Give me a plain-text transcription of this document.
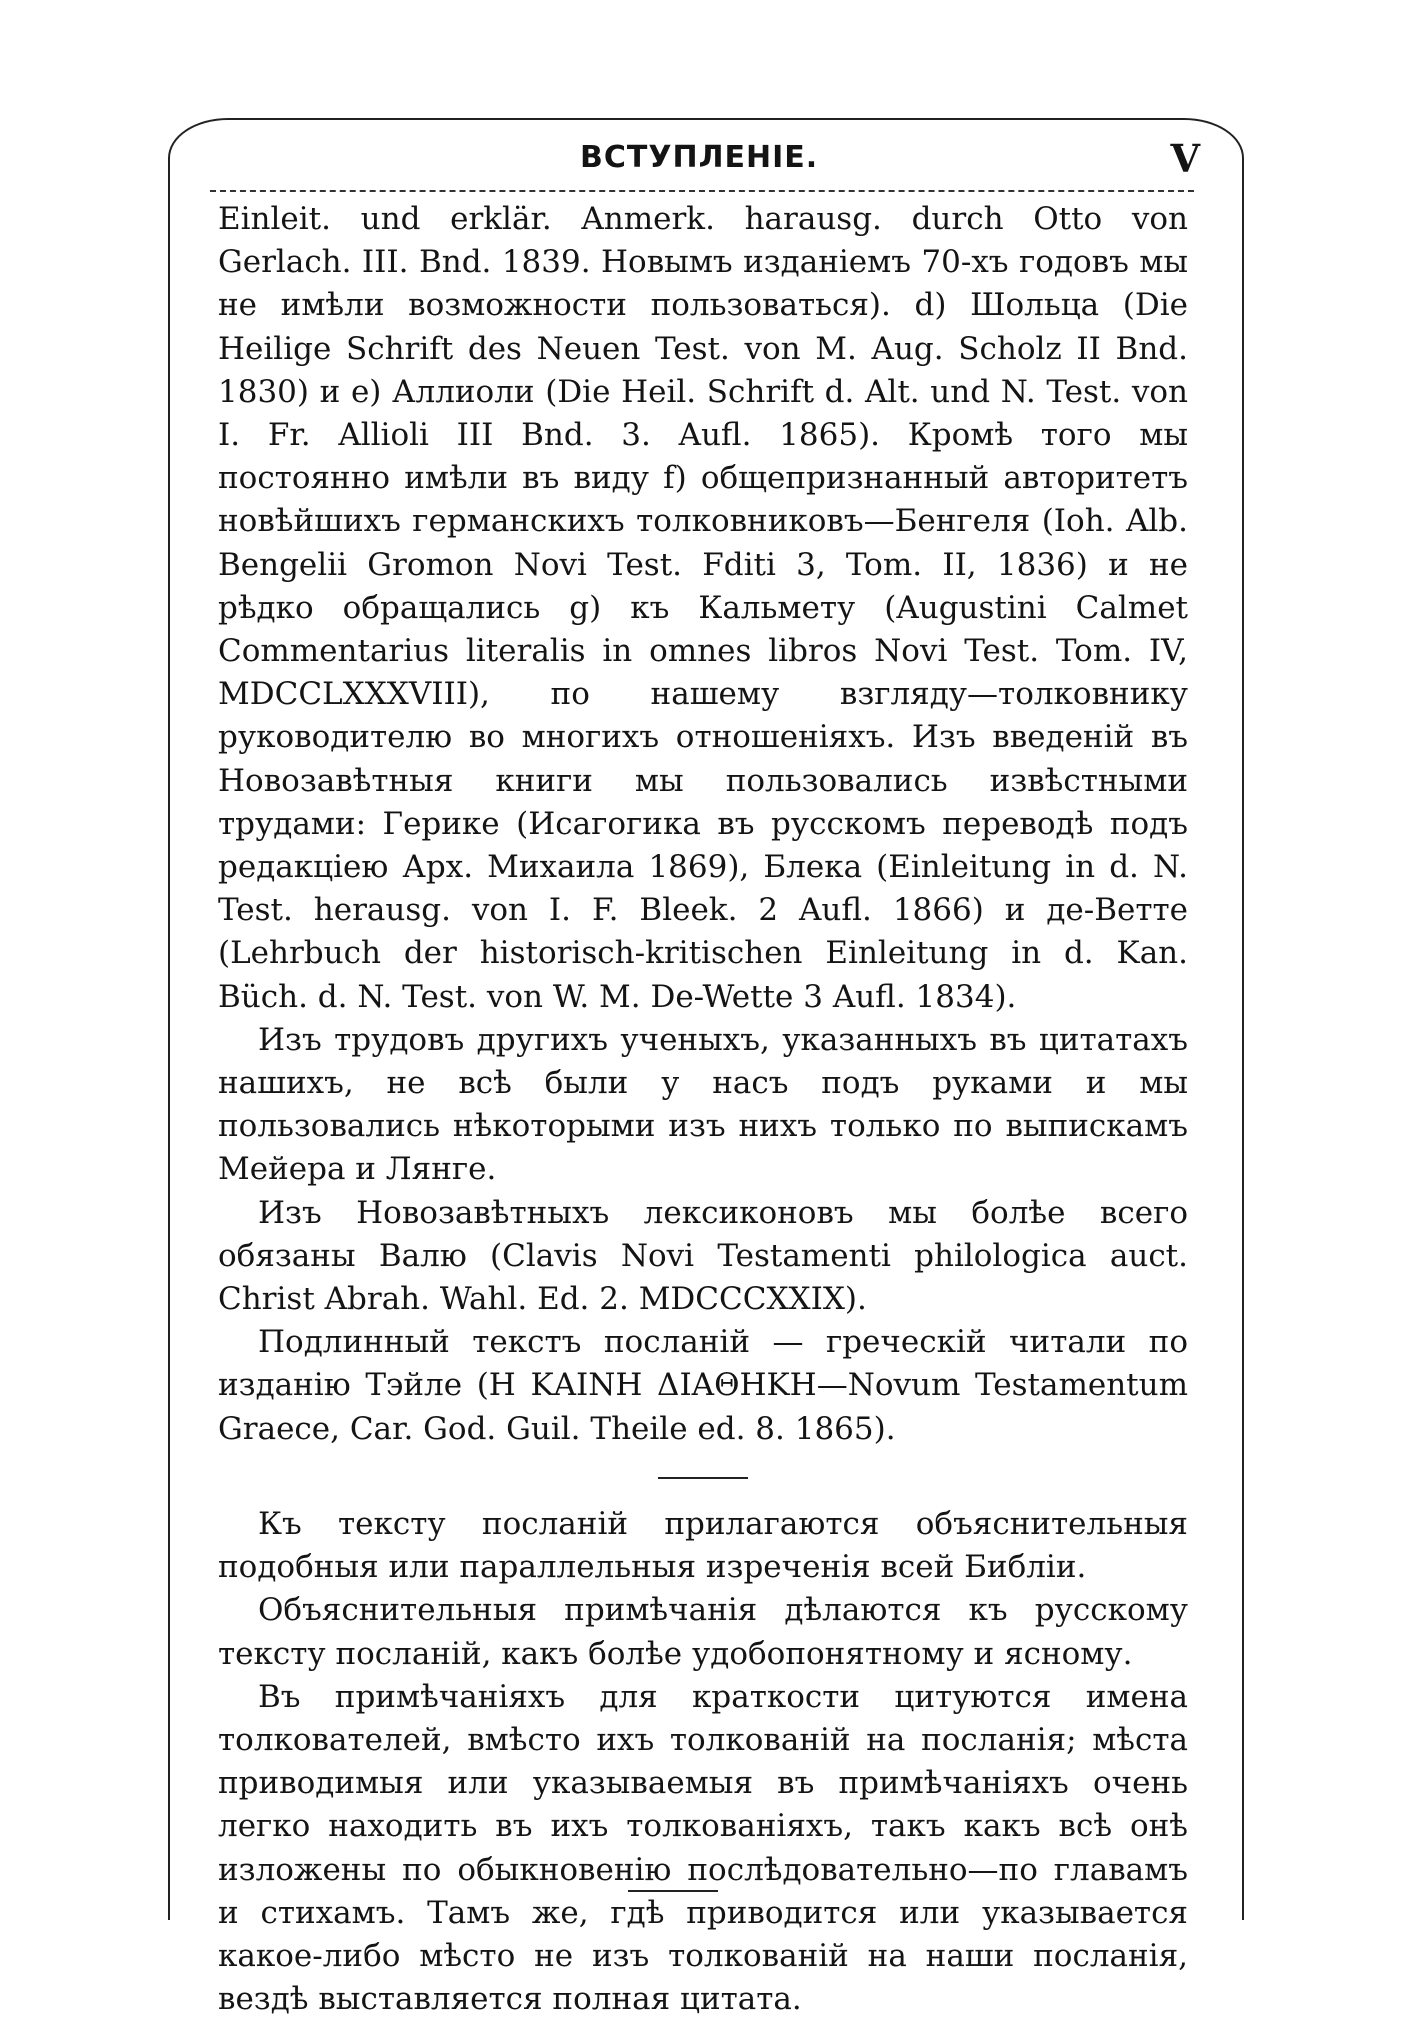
ВСТУПЛЕНІЕ.	V

Einleit. und erklär. Anmerk. harausg. durch Otto von Gerlach. III. Bnd. 1839. Новымъ изданіемъ 70-хъ годовъ мы не имѣли возможности пользоваться). d) Шольца (Die Heilige Schrift des Neuen Test. von M. Aug. Scholz II Bnd. 1830) и e) Аллиоли (Die Heil. Schrift d. Alt. und N. Test. von I. Fr. Allioli III Bnd. 3. Aufl. 1865). Кромѣ того мы постоянно имѣли въ виду f) общепризнанный авторитетъ новѣйшихъ германскихъ толковниковъ—Бенгеля (Ioh. Alb. Bengelii Gromon Novi Test. Fditi 3, Tom. II, 1836) и не рѣдко обращались g) къ Кальмету (Augustini Calmet Commentarius literalis in omnes libros Novi Test. Tom. IV, MDCCLXXXVIII), по нашему взгляду—толковнику руководителю во многихъ отношеніяхъ. Изъ введеній въ Новозавѣтныя книги мы пользовались извѣстными трудами: Герике (Исагогика въ русскомъ переводѣ подъ редакціею Арх. Михаила 1869), Блека (Einleitung in d. N. Test. herausg. von I. F. Bleek. 2 Aufl. 1866) и де-Ветте (Lehrbuch der historisch-kritischen Einleitung in d. Kan. Büch. d. N. Test. von W. M. De-Wette 3 Aufl. 1834).

Изъ трудовъ другихъ ученыхъ, указанныхъ въ цитатахъ нашихъ, не всѣ были у насъ подъ руками и мы пользовались нѣкоторыми изъ нихъ только по выпискамъ Мейера и Лянге.

Изъ Новозавѣтныхъ лексиконовъ мы болѣе всего обязаны Валю (Clavis Novi Testamenti philologica auct. Christ Abrah. Wahl. Ed. 2. MDCCCXXIX).

Подлинный текстъ посланій — греческій читали по изданію Тэйле (Η ΚΑΙΝΗ ΔΙΑΘΗΚΗ—Novum Testamentum Graece, Car. God. Guil. Theile ed. 8. 1865).

Къ тексту посланій прилагаются объяснительныя подобныя или параллельныя изреченія всей Библіи.

Объяснительныя примѣчанія дѣлаются къ русскому тексту посланій, какъ болѣе удобопонятному и ясному.

Въ примѣчаніяхъ для краткости цитуются имена толкователей, вмѣсто ихъ толкованій на посланія; мѣста приводимыя или указываемыя въ примѣчаніяхъ очень легко находить въ ихъ толкованіяхъ, такъ какъ всѣ онѣ изложены по обыкновенію послѣдовательно—по главамъ и стихамъ. Тамъ же, гдѣ приводится или указывается какое-либо мѣсто не изъ толкованій на наши посланія, вездѣ выставляется полная цитата.
